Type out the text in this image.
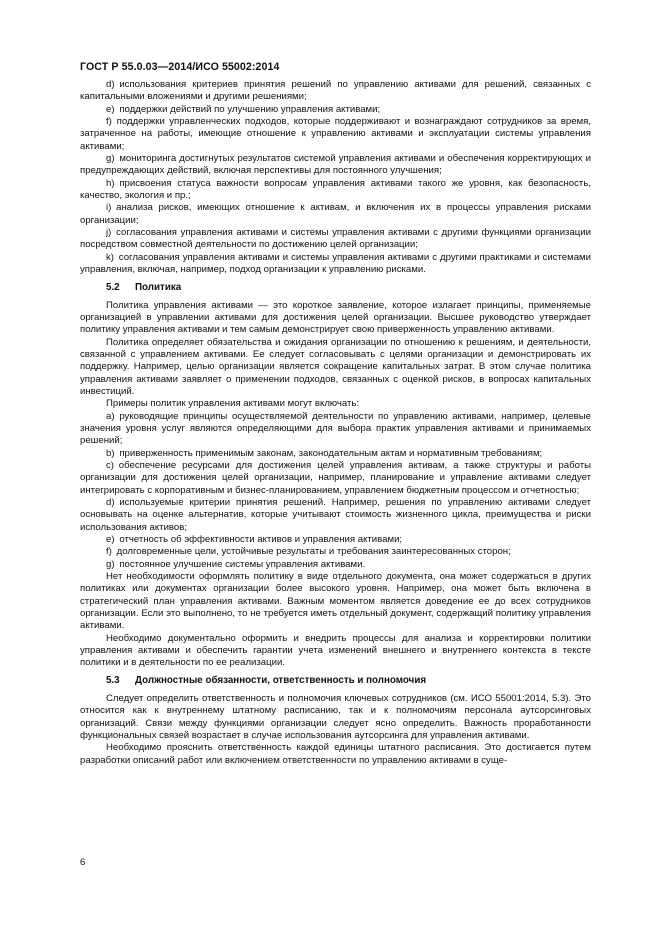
ГОСТ Р 55.0.03—2014/ИСО 55002:2014

d) использования критериев принятия решений по управлению активами для решений, связанных с капитальными вложениями и другими решениями;

e) поддержки действий по улучшению управления активами;

f) поддержки управленческих подходов, которые поддерживают и вознаграждают сотрудников за время, затраченное на работы, имеющие отношение к управлению активами и эксплуатации системы управления активами;

g) мониторинга достигнутых результатов системой управления активами и обеспечения корректирующих и предупреждающих действий, включая перспективы для постоянного улучшения;

h) присвоения статуса важности вопросам управления активами такого же уровня, как безопасность, качество, экология и пр.;

i) анализа рисков, имеющих отношение к активам, и включения их в процессы управления рисками организации;

j) согласования управления активами и системы управления активами с другими функциями организации посредством совместной деятельности по достижению целей организации;

k) согласования управления активами и системы управления активами с другими практиками и системами управления, включая, например, подход организации к управлению рисками.

5.2 Политика

Политика управления активами — это короткое заявление, которое излагает принципы, применяемые организацией в управлении активами для достижения целей организации. Высшее руководство утверждает политику управления активами и тем самым демонстрирует свою приверженность управлению активами.

Политика определяет обязательства и ожидания организации по отношению к решениям, и деятельности, связанной с управлением активами. Ее следует согласовывать с целями организации и демонстрировать их поддержку. Например, целью организации является сокращение капитальных затрат. В этом случае политика управления активами заявляет о применении подходов, связанных с оценкой рисков, в вопросах капитальных инвестиций.

Примеры политик управления активами могут включать:

a) руководящие принципы осуществляемой деятельности по управлению активами, например, целевые значения уровня услуг являются определяющими для выбора практик управления активами и принимаемых решений;

b) приверженность применимым законам, законодательным актам и нормативным требованиям;

c) обеспечение ресурсами для достижения целей управления активам, а также структуры и работы организации для достижения целей организации, например, планирование и управление активами следует интегрировать с корпоративным и бизнес-планированием, управлением бюджетным процессом и отчетностью;

d) используемые критерии принятия решений. Например, решения по управлению активами следует основывать на оценке альтернатив, которые учитывают стоимость жизненного цикла, преимущества и риски использования активов;

e) отчетность об эффективности активов и управления активами;

f) долговременные цели, устойчивые результаты и требования заинтересованных сторон;

g) постоянное улучшение системы управления активами.

Нет необходимости оформлять политику в виде отдельного документа, она может содержаться в других политиках или документах организации более высокого уровня. Например, она может быть включена в стратегический план управления активами. Важным моментом является доведение ее до всех сотрудников организации. Если это выполнено, то не требуется иметь отдельный документ, содержащий политику управления активами.

Необходимо документально оформить и внедрить процессы для анализа и корректировки политики управления активами и обеспечить гарантии учета изменений внешнего и внутреннего контекста в тексте политики и в деятельности по ее реализации.

5.3 Должностные обязанности, ответственность и полномочия

Следует определить ответственность и полномочия ключевых сотрудников (см. ИСО 55001:2014, 5.3). Это относится как к внутреннему штатному расписанию, так и к полномочиям персонала аутсорсинговых организаций. Связи между функциями организации следует ясно определить. Важность проработанности функциональных связей возрастает в случае использования аутсорсинга для управления активами.

Необходимо прояснить ответственность каждой единицы штатного расписания. Это достигается путем разработки описаний работ или включением ответственности по управлению активами в суще-

6
